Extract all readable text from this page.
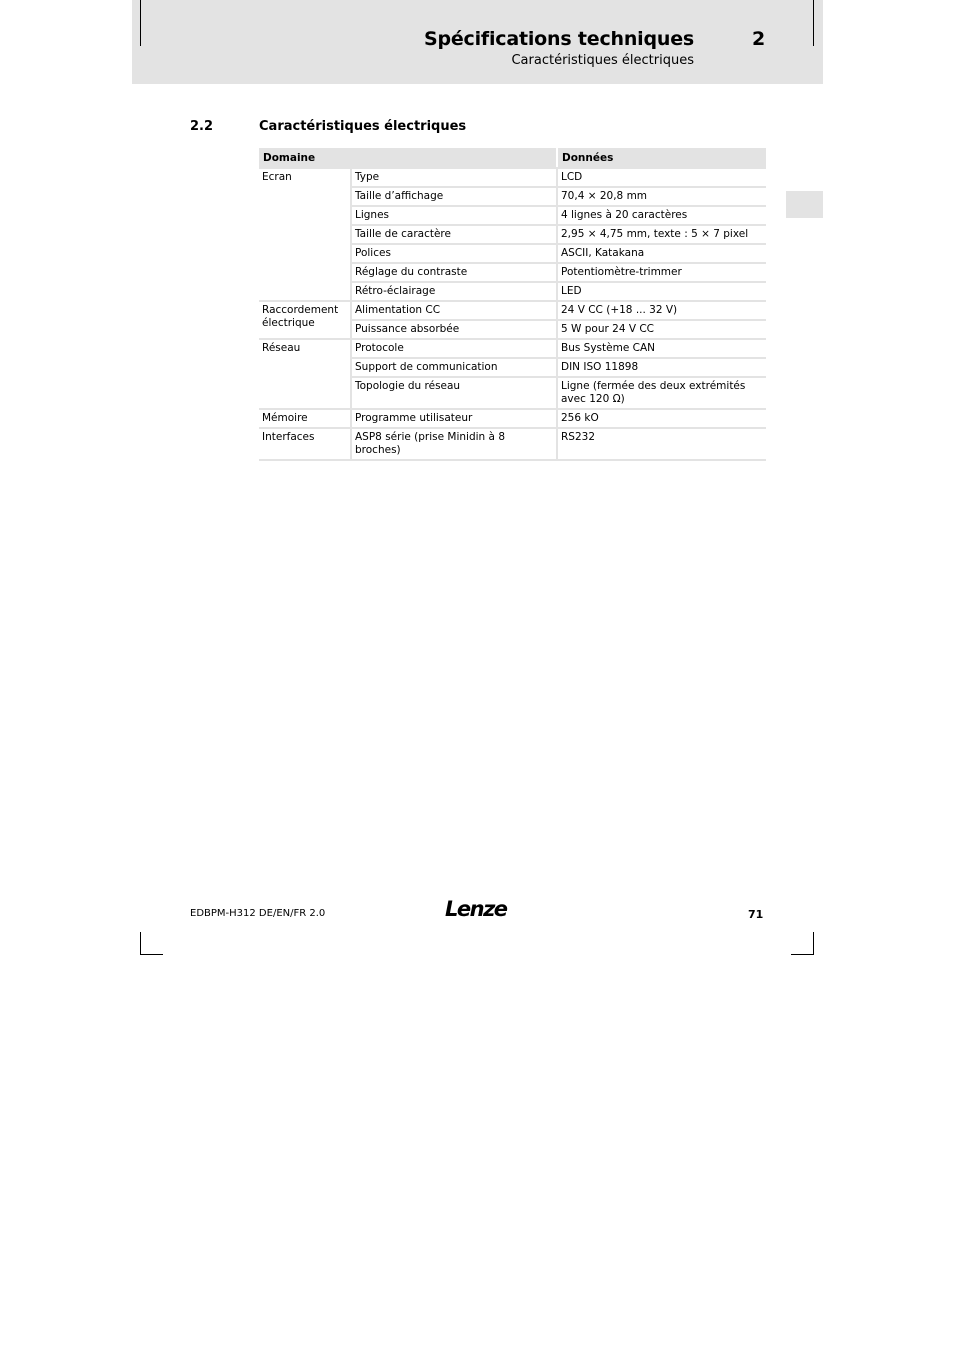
Spécifications techniques	2
Caractéristiques électriques
2.2	Caractéristiques électriques
Domaine		Données
Ecran	Type	LCD
	Taille d’affichage	70,4 × 20,8 mm
	Lignes	4 lignes à 20 caractères
	Taille de caractère	2,95 × 4,75 mm, texte : 5 × 7 pixel
	Polices	ASCII, Katakana
	Réglage du contraste	Potentiomètre-trimmer
	Rétro-éclairage	LED
Raccordement électrique	Alimentation CC	24 V CC (+18 ... 32 V)
	Puissance absorbée	5 W pour 24 V CC
Réseau	Protocole	Bus Système CAN
	Support de communication	DIN ISO 11898
	Topologie du réseau	Ligne (fermée des deux extrémités avec 120 Ω)
Mémoire	Programme utilisateur	256 kO
Interfaces	ASP8 série (prise Minidin à 8 broches)	RS232
EDBPM-H312 DE/EN/FR 2.0	Lenze	71
